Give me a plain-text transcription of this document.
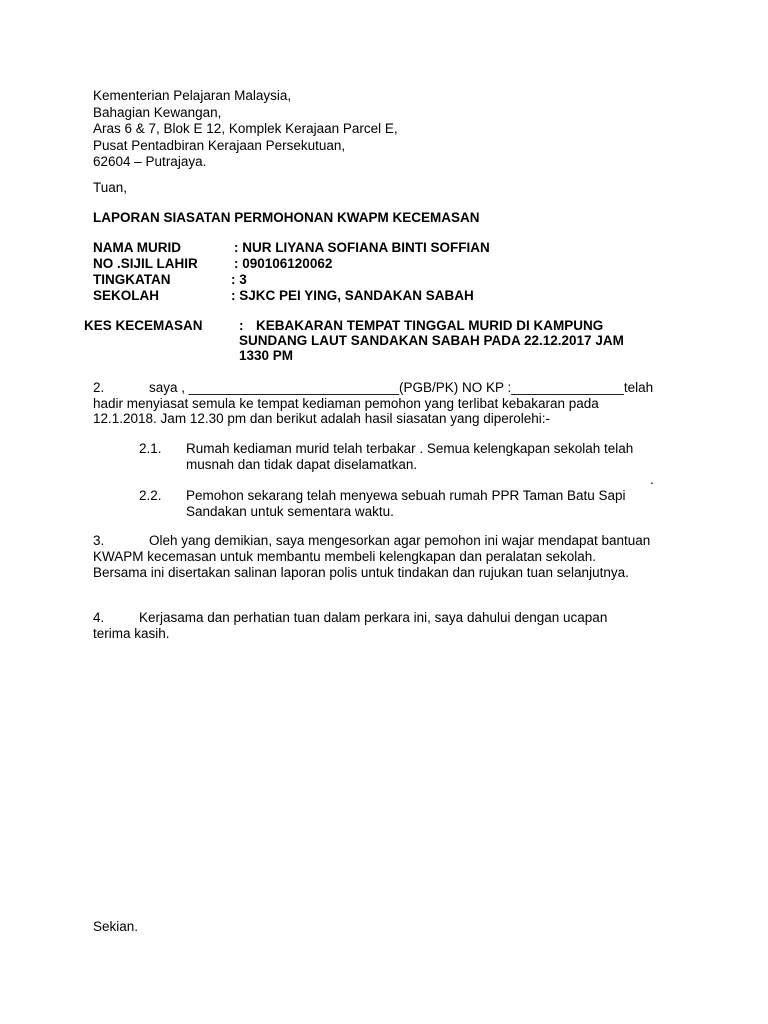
Kementerian Pelajaran Malaysia,
Bahagian Kewangan,
Aras 6 & 7, Blok E 12, Komplek Kerajaan Parcel E,
Pusat Pentadbiran Kerajaan Persekutuan,
62604 – Putrajaya.
Tuan,
LAPORAN SIASATAN PERMOHONAN KWAPM KECEMASAN
NAMA MURID	: NUR LIYANA SOFIANA BINTI SOFFIAN
NO .SIJIL LAHIR	: 090106120062
TINGKATAN	: 3
SEKOLAH	: SJKC PEI YING, SANDAKAN SABAH
KES KECEMASAN	: KEBAKARAN TEMPAT TINGGAL MURID DI KAMPUNG
SUNDANG LAUT SANDAKAN SABAH PADA 22.12.2017 JAM
1330 PM
2.	saya , ____________________________(PGB/PK) NO KP :_______________telah
hadir menyiasat semula ke tempat kediaman pemohon yang terlibat kebakaran pada
12.1.2018. Jam 12.30 pm dan berikut adalah hasil siasatan yang diperolehi:-
2.1. Rumah kediaman murid telah terbakar . Semua kelengkapan sekolah telah
musnah dan tidak dapat diselamatkan.
.
2.2. Pemohon sekarang telah menyewa sebuah rumah PPR Taman Batu Sapi
Sandakan untuk sementara waktu.
3.	Oleh yang demikian, saya mengesorkan agar pemohon ini wajar mendapat bantuan
KWAPM kecemasan untuk membantu membeli kelengkapan dan peralatan sekolah.
Bersama ini disertakan salinan laporan polis untuk tindakan dan rujukan tuan selanjutnya.
4.	Kerjasama dan perhatian tuan dalam perkara ini, saya dahului dengan ucapan
terima kasih.
Sekian.
